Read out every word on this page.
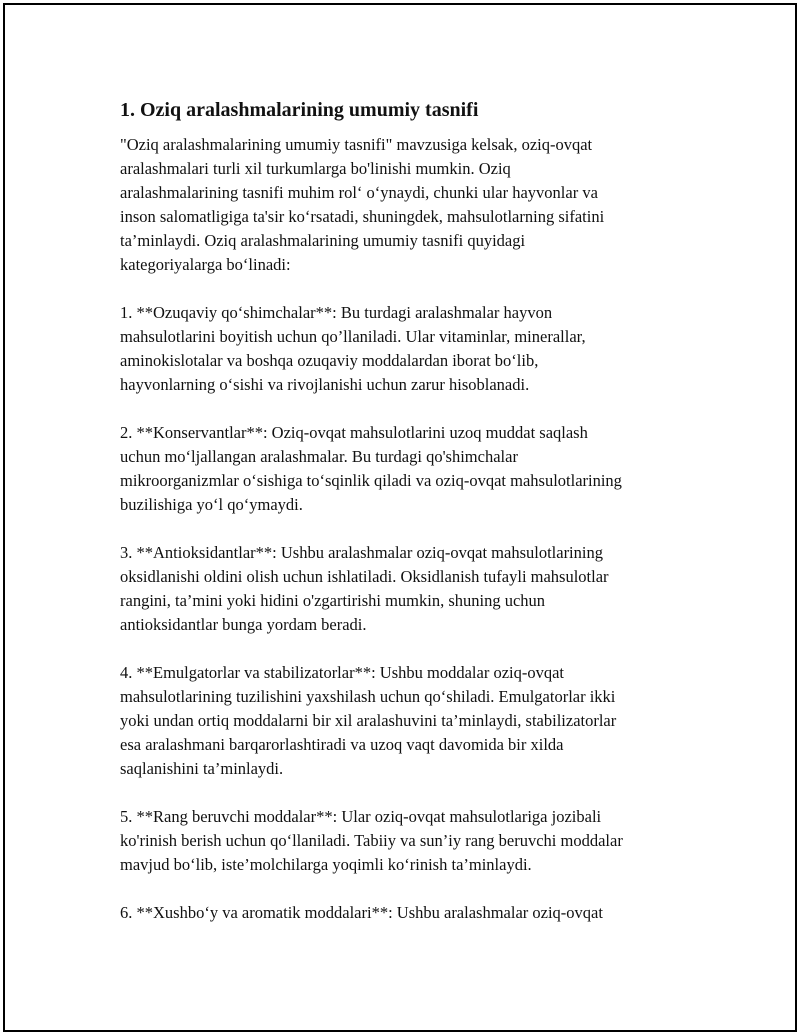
1. Oziq aralashmalarining umumiy tasnifi

"Oziq aralashmalarining umumiy tasnifi" mavzusiga kelsak, oziq-ovqat
aralashmalari turli xil turkumlarga bo'linishi mumkin. Oziq
aralashmalarining tasnifi muhim rol‘ o‘ynaydi, chunki ular hayvonlar va
inson salomatligiga ta'sir ko‘rsatadi, shuningdek, mahsulotlarning sifatini
ta’minlaydi. Oziq aralashmalarining umumiy tasnifi quyidagi
kategoriyalarga bo‘linadi:

1. **Ozuqaviy qo‘shimchalar**: Bu turdagi aralashmalar hayvon
mahsulotlarini boyitish uchun qo’llaniladi. Ular vitaminlar, minerallar,
aminokislotalar va boshqa ozuqaviy moddalardan iborat bo‘lib,
hayvonlarning o‘sishi va rivojlanishi uchun zarur hisoblanadi.

2. **Konservantlar**: Oziq-ovqat mahsulotlarini uzoq muddat saqlash
uchun mo‘ljallangan aralashmalar. Bu turdagi qo'shimchalar
mikroorganizmlar o‘sishiga to‘sqinlik qiladi va oziq-ovqat mahsulotlarining
buzilishiga yo‘l qo‘ymaydi.

3. **Antioksidantlar**: Ushbu aralashmalar oziq-ovqat mahsulotlarining
oksidlanishi oldini olish uchun ishlatiladi. Oksidlanish tufayli mahsulotlar
rangini, ta’mini yoki hidini o'zgartirishi mumkin, shuning uchun
antioksidantlar bunga yordam beradi.

4. **Emulgatorlar va stabilizatorlar**: Ushbu moddalar oziq-ovqat
mahsulotlarining tuzilishini yaxshilash uchun qo‘shiladi. Emulgatorlar ikki
yoki undan ortiq moddalarni bir xil aralashuvini ta’minlaydi, stabilizatorlar
esa aralashmani barqarorlashtiradi va uzoq vaqt davomida bir xilda
saqlanishini ta’minlaydi.

5. **Rang beruvchi moddalar**: Ular oziq-ovqat mahsulotlariga jozibali
ko'rinish berish uchun qo‘llaniladi. Tabiiy va sun’iy rang beruvchi moddalar
mavjud bo‘lib, iste’molchilarga yoqimli ko‘rinish ta’minlaydi.

6. **Xushbo‘y va aromatik moddalari**: Ushbu aralashmalar oziq-ovqat
